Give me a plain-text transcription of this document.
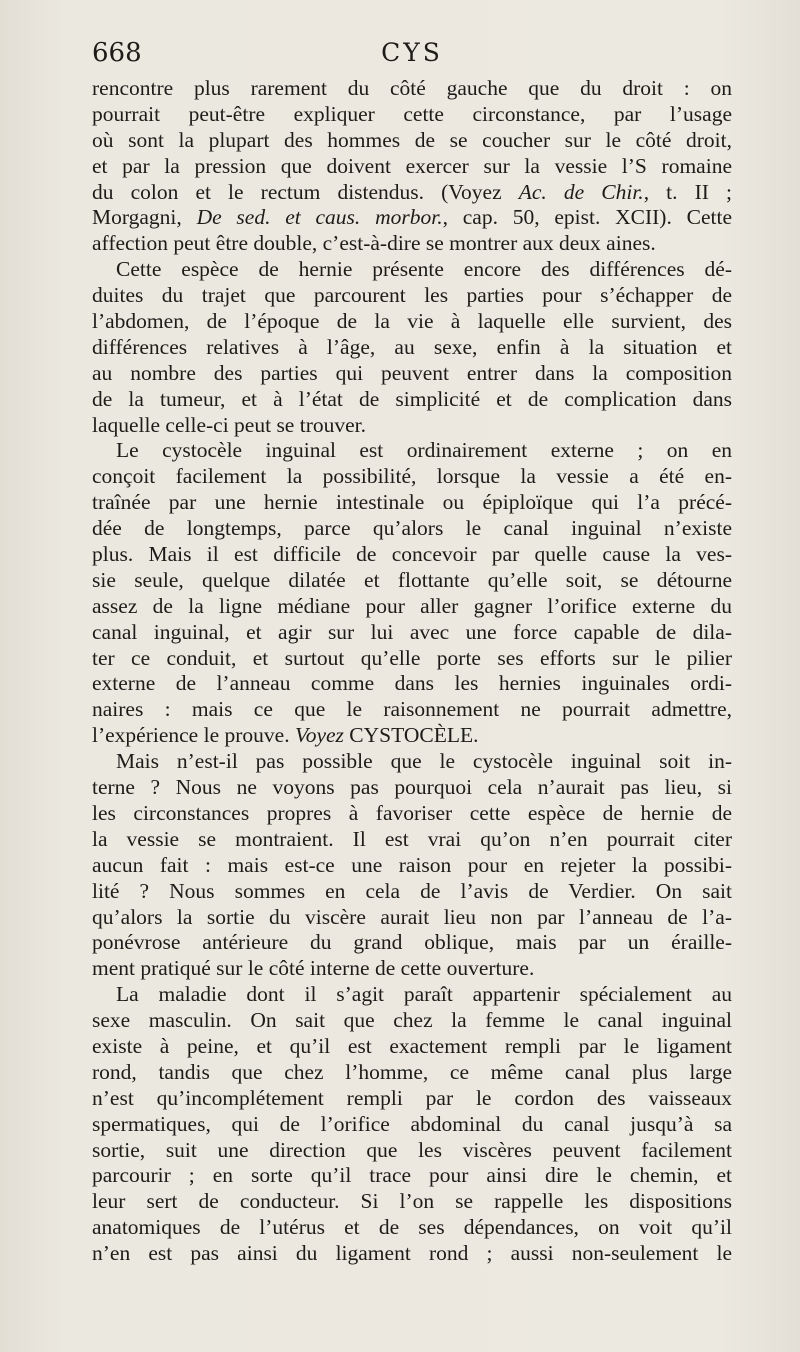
668	CYS
rencontre plus rarement du côté gauche que du droit : on
pourrait peut-être expliquer cette circonstance, par l’usage
où sont la plupart des hommes de se coucher sur le côté droit,
et par la pression que doivent exercer sur la vessie l’S romaine
du colon et le rectum distendus. (Voyez Ac. de Chir., t. II ;
Morgagni, De sed. et caus. morbor., cap. 50, epist. XCII). Cette
affection peut être double, c’est-à-dire se montrer aux deux aines.
Cette espèce de hernie présente encore des différences dé-
duites du trajet que parcourent les parties pour s’échapper de
l’abdomen, de l’époque de la vie à laquelle elle survient, des
différences relatives à l’âge, au sexe, enfin à la situation et
au nombre des parties qui peuvent entrer dans la composition
de la tumeur, et à l’état de simplicité et de complication dans
laquelle celle-ci peut se trouver.
Le cystocèle inguinal est ordinairement externe ; on en
conçoit facilement la possibilité, lorsque la vessie a été en-
traînée par une hernie intestinale ou épiploïque qui l’a précé-
dée de longtemps, parce qu’alors le canal inguinal n’existe
plus. Mais il est difficile de concevoir par quelle cause la ves-
sie seule, quelque dilatée et flottante qu’elle soit, se détourne
assez de la ligne médiane pour aller gagner l’orifice externe du
canal inguinal, et agir sur lui avec une force capable de dila-
ter ce conduit, et surtout qu’elle porte ses efforts sur le pilier
externe de l’anneau comme dans les hernies inguinales ordi-
naires : mais ce que le raisonnement ne pourrait admettre,
l’expérience le prouve. Voyez CYSTOCÈLE.
Mais n’est-il pas possible que le cystocèle inguinal soit in-
terne ? Nous ne voyons pas pourquoi cela n’aurait pas lieu, si
les circonstances propres à favoriser cette espèce de hernie de
la vessie se montraient. Il est vrai qu’on n’en pourrait citer
aucun fait : mais est-ce une raison pour en rejeter la possibi-
lité ? Nous sommes en cela de l’avis de Verdier. On sait
qu’alors la sortie du viscère aurait lieu non par l’anneau de l’a-
ponévrose antérieure du grand oblique, mais par un éraille-
ment pratiqué sur le côté interne de cette ouverture.
La maladie dont il s’agit paraît appartenir spécialement au
sexe masculin. On sait que chez la femme le canal inguinal
existe à peine, et qu’il est exactement rempli par le ligament
rond, tandis que chez l’homme, ce même canal plus large
n’est qu’incomplétement rempli par le cordon des vaisseaux
spermatiques, qui de l’orifice abdominal du canal jusqu’à sa
sortie, suit une direction que les viscères peuvent facilement
parcourir ; en sorte qu’il trace pour ainsi dire le chemin, et
leur sert de conducteur. Si l’on se rappelle les dispositions
anatomiques de l’utérus et de ses dépendances, on voit qu’il
n’en est pas ainsi du ligament rond ; aussi non-seulement le
